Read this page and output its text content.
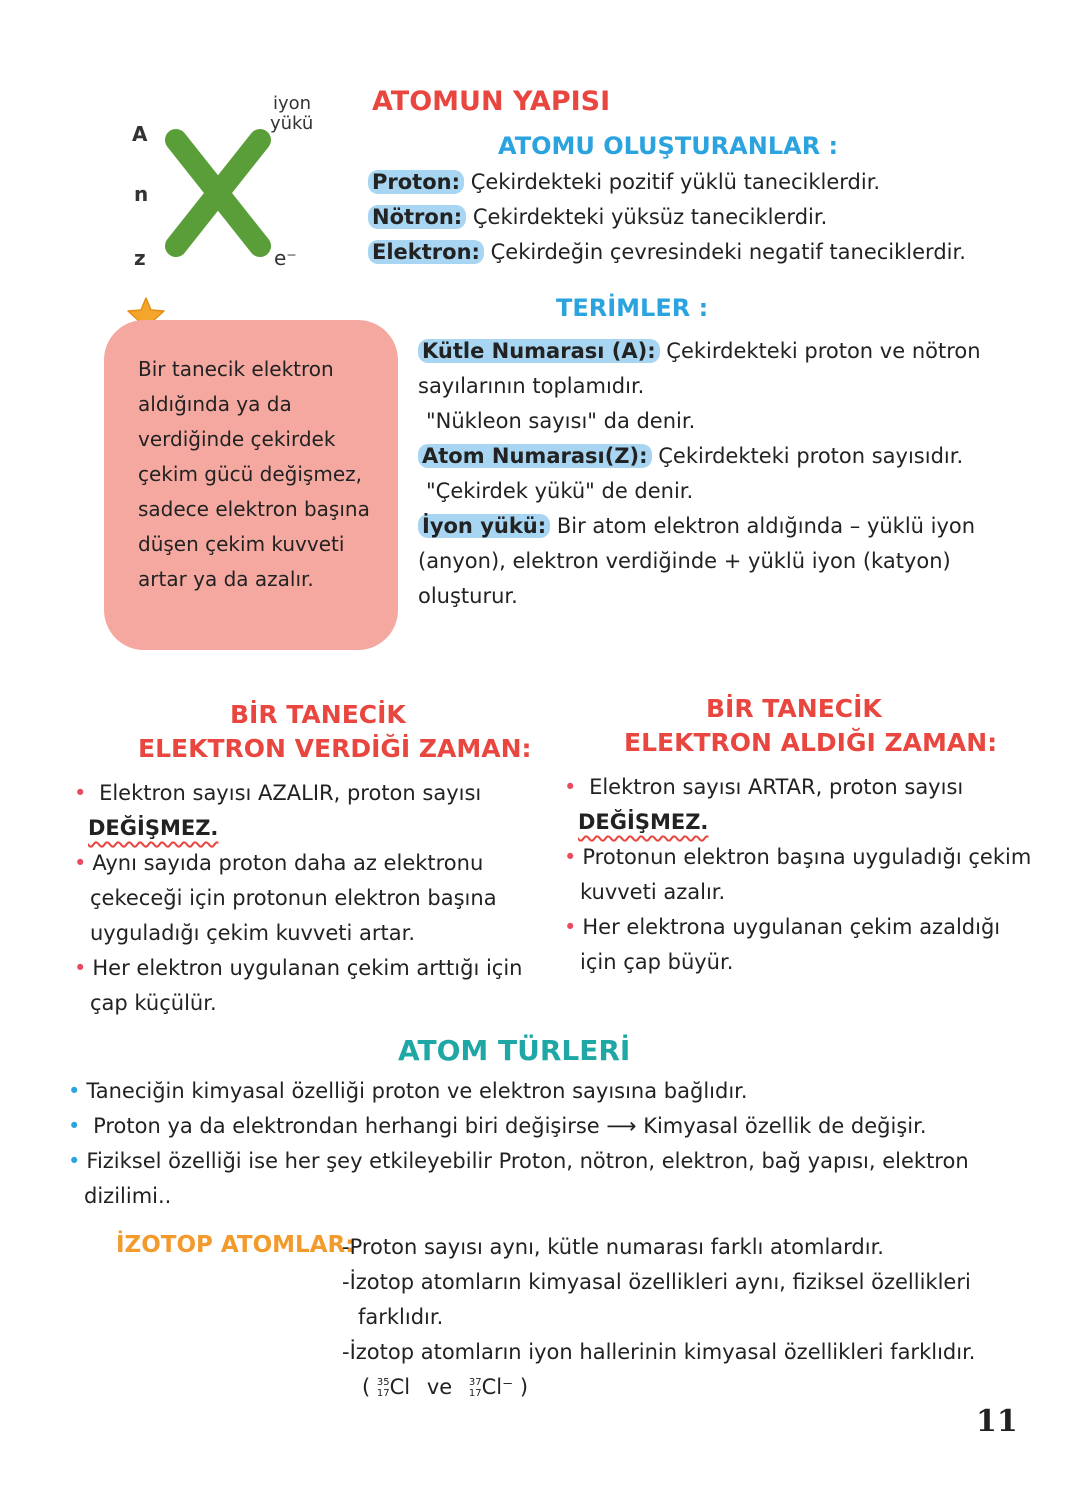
A
n
z
iyon
yükü
e⁻
ATOMUN YAPISI
ATOMU OLUŞTURANLAR :

Proton: Çekirdekteki pozitif yüklü taneciklerdir.

Nötron: Çekirdekteki yüksüz taneciklerdir.

Elektron: Çekirdeğin çevresindeki negatif taneciklerdir.

Bir tanecik elektron aldığında ya da verdiğinde çekirdek çekim gücü değişmez, sadece elektron başına düşen çekim kuvveti artar ya da azalır.

TERİMLER :

Kütle Numarası (A): Çekirdekteki proton ve nötron sayılarının toplamıdır.

"Nükleon sayısı" da denir.

Atom Numarası(Z): Çekirdekteki proton sayısıdır.

"Çekirdek yükü" de denir.

İyon yükü: Bir atom elektron aldığında – yüklü iyon (anyon), elektron verdiğinde + yüklü iyon (katyon) oluşturur.

BİR TANECİK
ELEKTRON VERDİĞİ ZAMAN:
• Elektron sayısı AZALIR, proton sayısı DEĞİŞMEZ.
• Aynı sayıda proton daha az elektronu çekeceği için protonun elektron başına uyguladığı çekim kuvveti artar.
• Her elektron uygulanan çekim arttığı için çap küçülür.
BİR TANECİK
ELEKTRON ALDIĞI ZAMAN:
• Elektron sayısı ARTAR, proton sayısı DEĞİŞMEZ.
• Protonun elektron başına uyguladığı çekim kuvveti azalır.
• Her elektrona uygulanan çekim azaldığı için çap büyür.
ATOM TÜRLERİ
• Taneciğin kimyasal özelliği proton ve elektron sayısına bağlıdır.
• Proton ya da elektrondan herhangi biri değişirse ⟶ Kimyasal özellik de değişir.
• Fiziksel özelliği ise her şey etkileyebilir Proton, nötron, elektron, bağ yapısı, elektron dizilimi..
İZOTOP ATOMLAR:

-Proton sayısı aynı, kütle numarası farklı atomlardır.

-İzotop atomların kimyasal özellikleri aynı, fiziksel özellikleri farklıdır.

-İzotop atomların iyon hallerinin kimyasal özellikleri farklıdır.

( 35
17Cl ve 37
17Cl⁻ )

11
